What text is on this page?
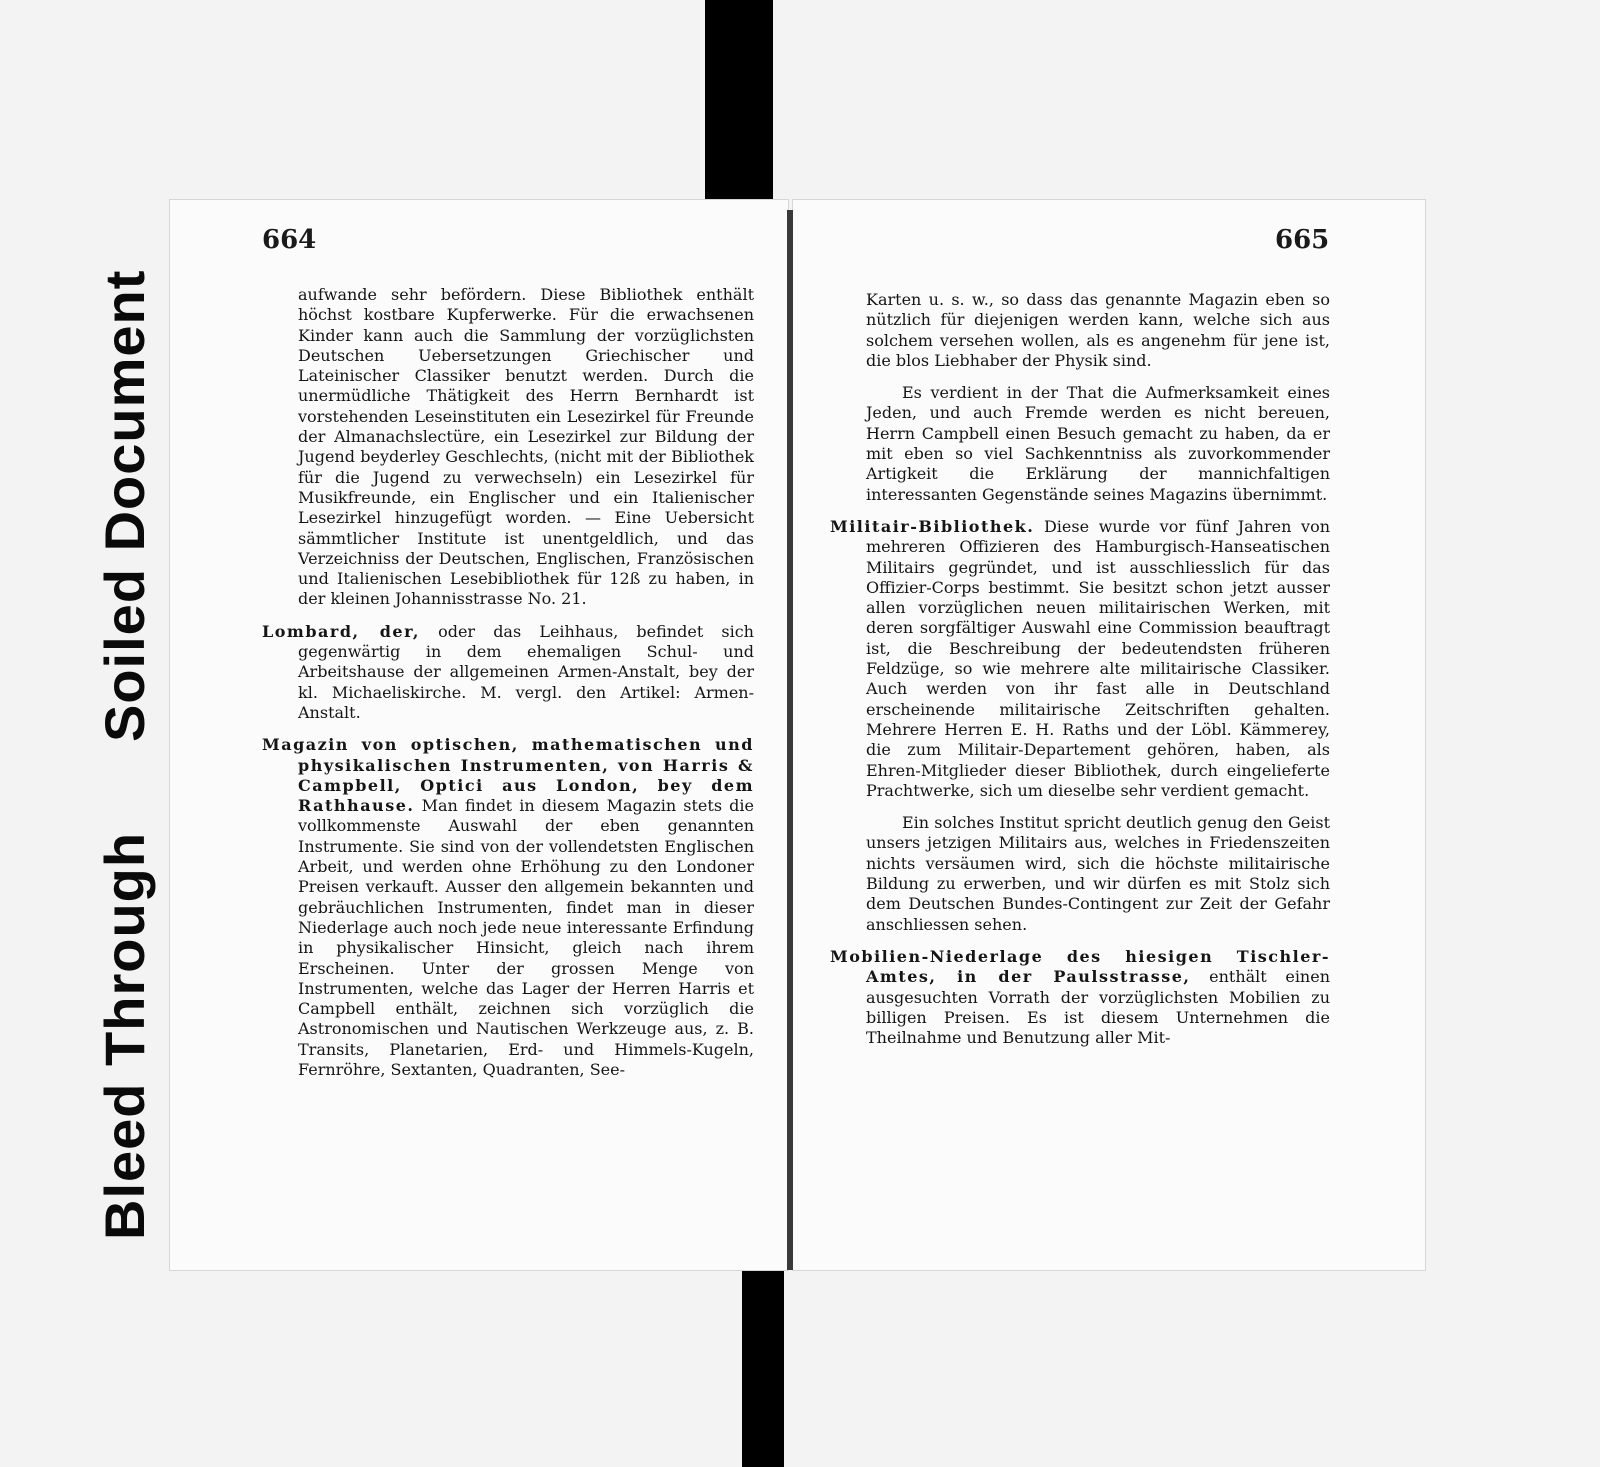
Soiled Document
Bleed Through
664	665

aufwande sehr befördern. Diese Bibliothek enthält höchst kostbare Kupferwerke. Für die erwachsenen Kinder kann auch die Sammlung der vorzüglichsten Deutschen Uebersetzungen Griechischer und Lateinischer Classiker benutzt werden. Durch die unermüdliche Thätigkeit des Herrn Bernhardt ist vorstehenden Leseinstituten ein Lesezirkel für Freunde der Almanachslectüre, ein Lesezirkel zur Bildung der Jugend beyderley Geschlechts, (nicht mit der Bibliothek für die Jugend zu verwechseln) ein Lesezirkel für Musikfreunde, ein Englischer und ein Italienischer Lesezirkel hinzugefügt worden. — Eine Uebersicht sämmtlicher Institute ist unentgeldlich, und das Verzeichniss der Deutschen, Englischen, Französischen und Italienischen Lesebibliothek für 12ß zu haben, in der kleinen Johannisstrasse No. 21.

Lombard, der, oder das Leihhaus, befindet sich gegenwärtig in dem ehemaligen Schul- und Arbeitshause der allgemeinen Armen-Anstalt, bey der kl. Michaeliskirche. M. vergl. den Artikel: Armen-Anstalt.

Magazin von optischen, mathematischen und physikalischen Instrumenten, von Harris & Campbell, Optici aus London, bey dem Rathhause. Man findet in diesem Magazin stets die vollkommenste Auswahl der eben genannten Instrumente. Sie sind von der vollendetsten Englischen Arbeit, und werden ohne Erhöhung zu den Londoner Preisen verkauft. Ausser den allgemein bekannten und gebräuchlichen Instrumenten, findet man in dieser Niederlage auch noch jede neue interessante Erfindung in physikalischer Hinsicht, gleich nach ihrem Erscheinen. Unter der grossen Menge von Instrumenten, welche das Lager der Herren Harris et Campbell enthält, zeichnen sich vorzüglich die Astronomischen und Nautischen Werkzeuge aus, z. B. Transits, Planetarien, Erd- und Himmels-Kugeln, Fernröhre, Sextanten, Quadranten, See-

Karten u. s. w., so dass das genannte Magazin eben so nützlich für diejenigen werden kann, welche sich aus solchem versehen wollen, als es angenehm für jene ist, die blos Liebhaber der Physik sind.

Es verdient in der That die Aufmerksamkeit eines Jeden, und auch Fremde werden es nicht bereuen, Herrn Campbell einen Besuch gemacht zu haben, da er mit eben so viel Sachkenntniss als zuvorkommender Artigkeit die Erklärung der mannichfaltigen interessanten Gegenstände seines Magazins übernimmt.

Militair-Bibliothek. Diese wurde vor fünf Jahren von mehreren Offizieren des Hamburgisch-Hanseatischen Militairs gegründet, und ist ausschliesslich für das Offizier-Corps bestimmt. Sie besitzt schon jetzt ausser allen vorzüglichen neuen militairischen Werken, mit deren sorgfältiger Auswahl eine Commission beauftragt ist, die Beschreibung der bedeutendsten früheren Feldzüge, so wie mehrere alte militairische Classiker. Auch werden von ihr fast alle in Deutschland erscheinende militairische Zeitschriften gehalten. Mehrere Herren E. H. Raths und der Löbl. Kämmerey, die zum Militair-Departement gehören, haben, als Ehren-Mitglieder dieser Bibliothek, durch eingelieferte Prachtwerke, sich um dieselbe sehr verdient gemacht.

Ein solches Institut spricht deutlich genug den Geist unsers jetzigen Militairs aus, welches in Friedenszeiten nichts versäumen wird, sich die höchste militairische Bildung zu erwerben, und wir dürfen es mit Stolz sich dem Deutschen Bundes-Contingent zur Zeit der Gefahr anschliessen sehen.

Mobilien-Niederlage des hiesigen Tischler-Amtes, in der Paulsstrasse, enthält einen ausgesuchten Vorrath der vorzüglichsten Mobilien zu billigen Preisen. Es ist diesem Unternehmen die Theilnahme und Benutzung aller Mit-
